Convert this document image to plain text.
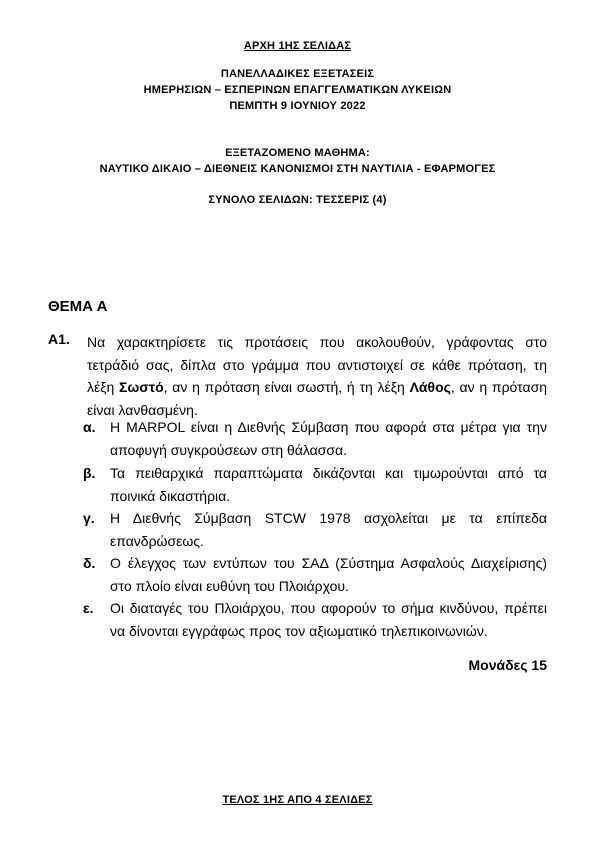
ΑΡΧΗ 1ΗΣ ΣΕΛΙΔΑΣ
ΠΑΝΕΛΛΑΔΙΚΕΣ ΕΞΕΤΑΣΕΙΣ
ΗΜΕΡΗΣΙΩΝ – ΕΣΠΕΡΙΝΩΝ ΕΠΑΓΓΕΛΜΑΤΙΚΩΝ ΛΥΚΕΙΩΝ
ΠΕΜΠΤΗ 9 ΙΟΥΝΙΟΥ 2022
ΕΞΕΤΑΖΟΜΕΝΟ ΜΑΘΗΜΑ:
ΝΑΥΤΙΚΟ ΔΙΚΑΙΟ – ΔΙΕΘΝΕΙΣ ΚΑΝΟΝΙΣΜΟΙ ΣΤΗ ΝΑΥΤΙΛΙΑ - ΕΦΑΡΜΟΓΕΣ
ΣΥΝΟΛΟ ΣΕΛΙΔΩΝ: ΤΕΣΣΕΡΙΣ (4)
ΘΕΜΑ Α
Α1. Να χαρακτηρίσετε τις προτάσεις που ακολουθούν, γράφοντας στο τετράδιό σας, δίπλα στο γράμμα που αντιστοιχεί σε κάθε πρόταση, τη λέξη Σωστό, αν η πρόταση είναι σωστή, ή τη λέξη Λάθος, αν η πρόταση είναι λανθασμένη.
α. Η MARPOL είναι η Διεθνής Σύμβαση που αφορά στα μέτρα για την αποφυγή συγκρούσεων στη θάλασσα.
β. Τα πειθαρχικά παραπτώματα δικάζονται και τιμωρούνται από τα ποινικά δικαστήρια.
γ. Η Διεθνής Σύμβαση STCW 1978 ασχολείται με τα επίπεδα επανδρώσεως.
δ. Ο έλεγχος των εντύπων του ΣΑΔ (Σύστημα Ασφαλούς Διαχείρισης) στο πλοίο είναι ευθύνη του Πλοιάρχου.
ε. Οι διαταγές του Πλοιάρχου, που αφορούν το σήμα κινδύνου, πρέπει να δίνονται εγγράφως προς τον αξιωματικό τηλεπικοινωνιών.
Μονάδες 15
ΤΕΛΟΣ 1ΗΣ ΑΠΟ 4 ΣΕΛΙΔΕΣ
